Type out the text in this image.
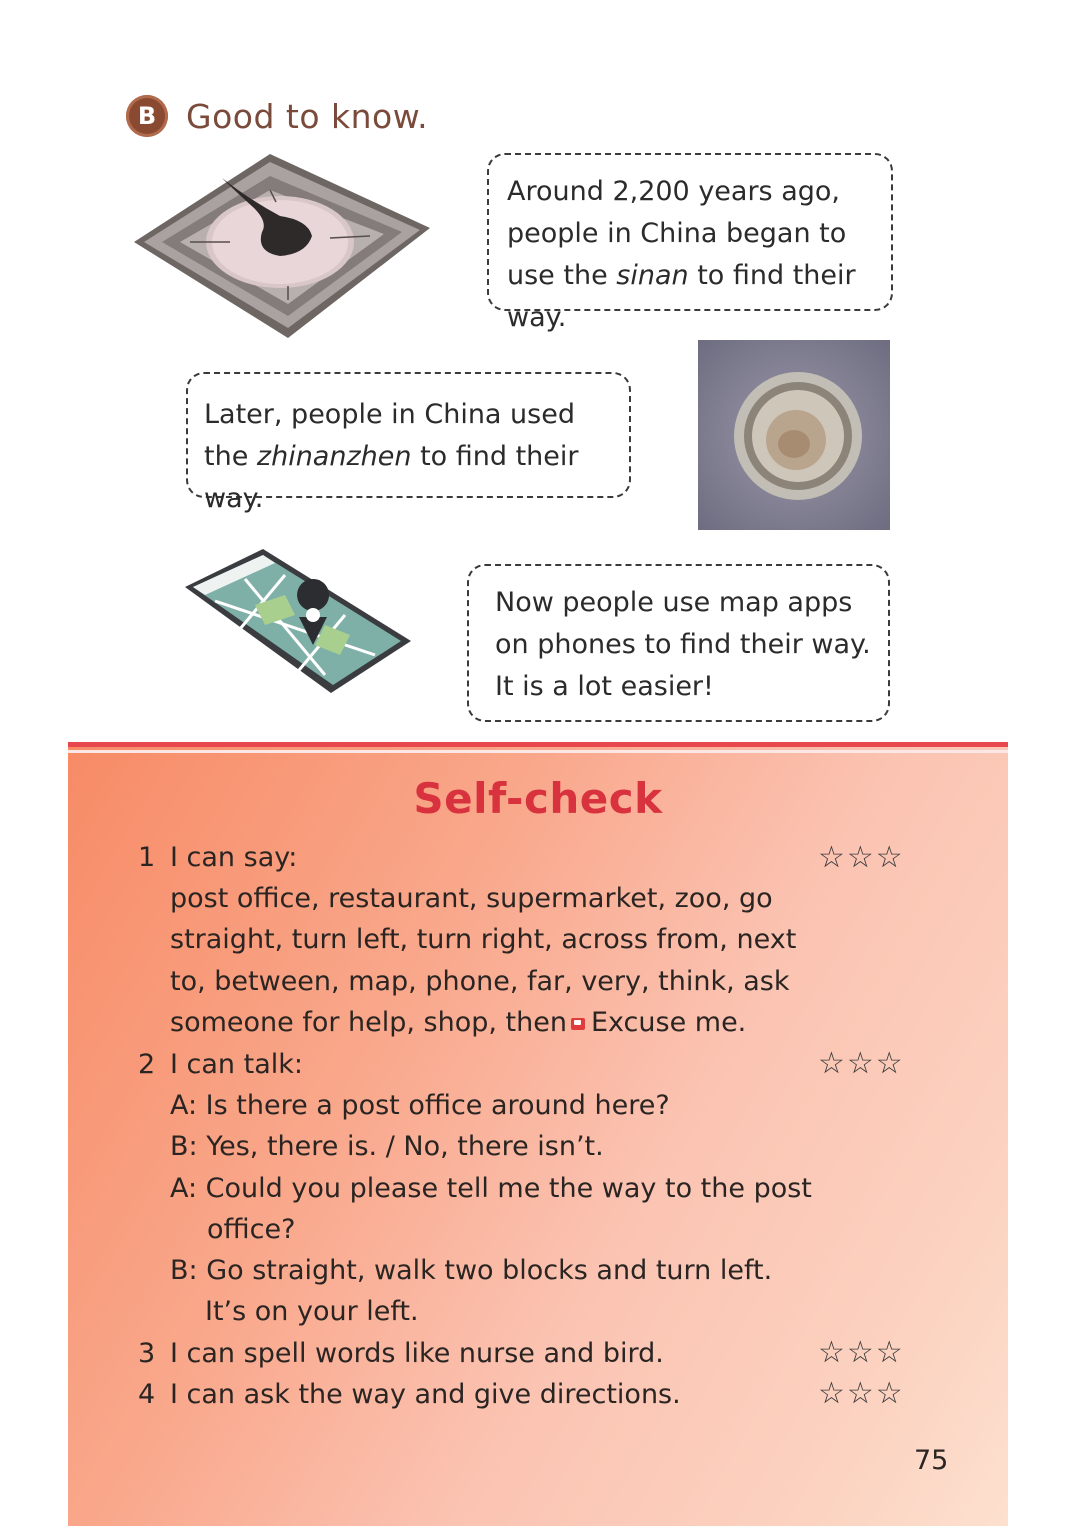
B Good to know.
Around 2,200 years ago, people in China began to use the sinan to find their way.
Later, people in China used the zhinanzhen to find their way.
Now people use map apps on phones to find their way. It is a lot easier!
Self-check
1 I can say:	☆☆☆
post office, restaurant, supermarket, zoo, go
straight, turn left, turn right, across from, next
to, between, map, phone, far, very, think, ask
someone for help, shop, then Excuse me.
2 I can talk:	☆☆☆
A: Is there a post office around here?
B: Yes, there is. / No, there isn’t.
A: Could you please tell me the way to the post
office?
B: Go straight, walk two blocks and turn left.
It’s on your left.
3 I can spell words like nurse and bird.	☆☆☆
4 I can ask the way and give directions.	☆☆☆
75
